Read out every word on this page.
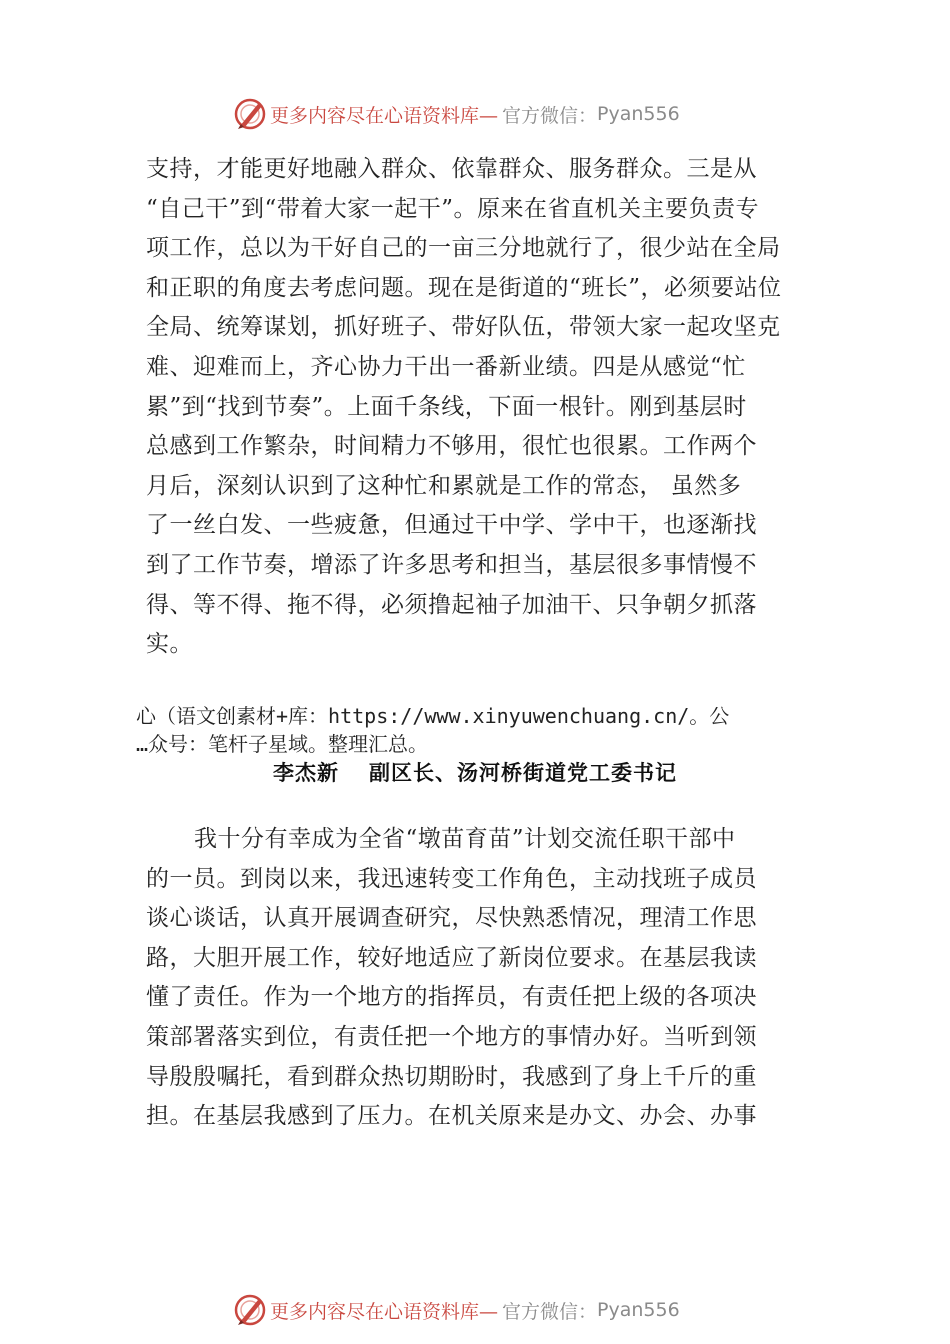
更多内容尽在心语资料库— 官方微信： Pyan556
支持，才能更好地融入群众、依靠群众、服务群众。三是从
“自己干”到“带着大家一起干”。原来在省直机关主要负责专
项工作，总以为干好自己的一亩三分地就行了，很少站在全局
和正职的角度去考虑问题。现在是街道的“班长”，必须要站位
全局、统筹谋划，抓好班子、带好队伍，带领大家一起攻坚克
难、迎难而上，齐心协力干出一番新业绩。四是从感觉“忙
累”到“找到节奏”。上面千条线，下面一根针。刚到基层时
总感到工作繁杂，时间精力不够用，很忙也很累。工作两个
月后，深刻认识到了这种忙和累就是工作的常态， 虽然多
了一丝白发、一些疲惫，但通过干中学、学中干，也逐渐找
到了工作节奏，增添了许多思考和担当，基层很多事情慢不
得、等不得、拖不得，必须撸起袖子加油干、只争朝夕抓落
实。
心（语文创素材+库：https://www.xinyuwenchuang.cn/。公
…众号：笔杆子星域。整理汇总。
李杰新 副区长、汤河桥街道党工委书记
我十分有幸成为全省“墩苗育苗”计划交流任职干部中
的一员。到岗以来，我迅速转变工作角色，主动找班子成员
谈心谈话，认真开展调查研究，尽快熟悉情况，理清工作思
路，大胆开展工作，较好地适应了新岗位要求。在基层我读
懂了责任。作为一个地方的指挥员，有责任把上级的各项决
策部署落实到位，有责任把一个地方的事情办好。当听到领
导殷殷嘱托，看到群众热切期盼时，我感到了身上千斤的重
担。在基层我感到了压力。在机关原来是办文、办会、办事
更多内容尽在心语资料库— 官方微信： Pyan556
